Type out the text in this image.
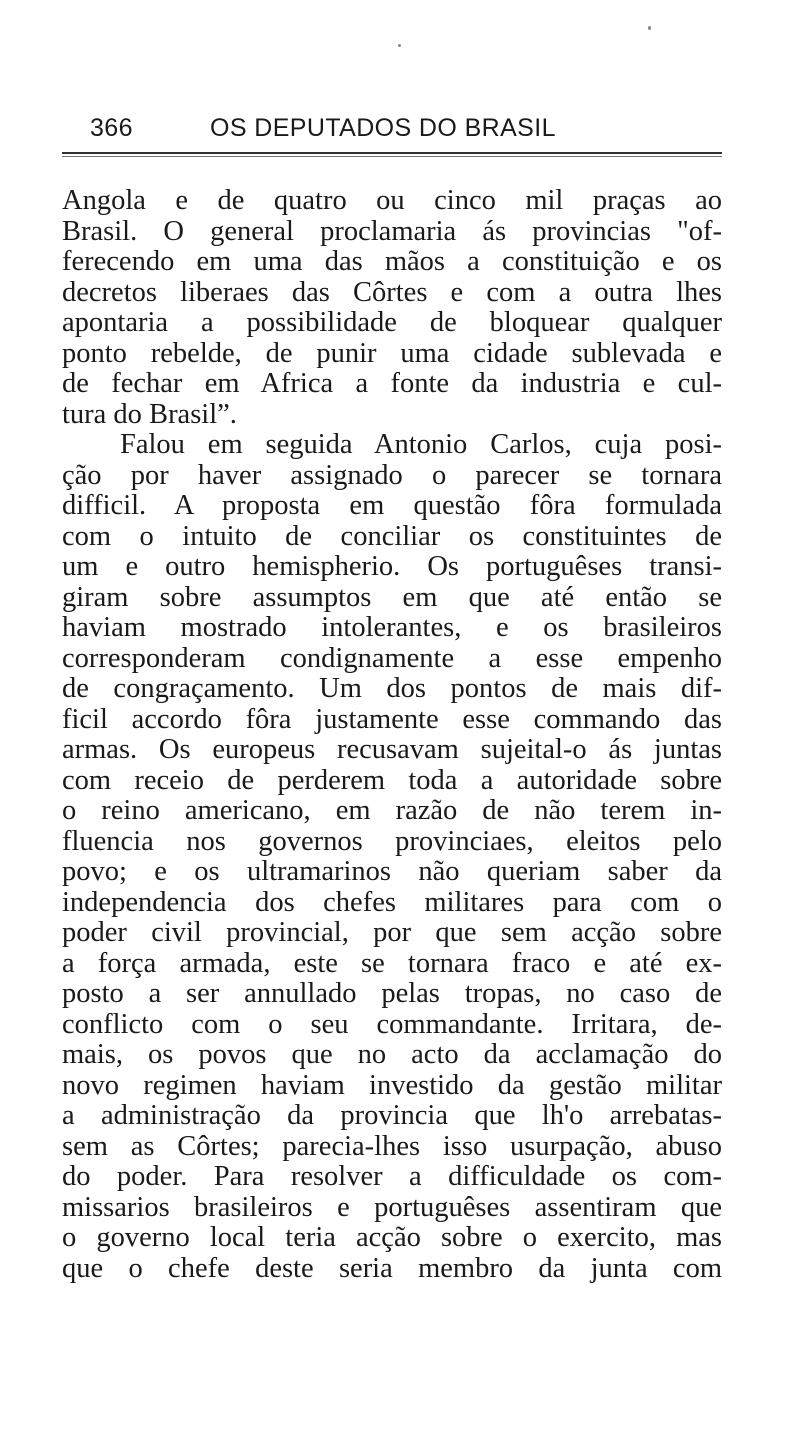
366	OS DEPUTADOS DO BRASIL
Angola e de quatro ou cinco mil praças ao
Brasil. O general proclamaria ás provincias "of-
ferecendo em uma das mãos a constituição e os
decretos liberaes das Côrtes e com a outra lhes
apontaria a possibilidade de bloquear qualquer
ponto rebelde, de punir uma cidade sublevada e
de fechar em Africa a fonte da industria e cul-
tura do Brasil”.
Falou em seguida Antonio Carlos, cuja posi-
ção por haver assignado o parecer se tornara
difficil. A proposta em questão fôra formulada
com o intuito de conciliar os constituintes de
um e outro hemispherio. Os portuguêses transi-
giram sobre assumptos em que até então se
haviam mostrado intolerantes, e os brasileiros
corresponderam condignamente a esse empenho
de congraçamento. Um dos pontos de mais dif-
ficil accordo fôra justamente esse commando das
armas. Os europeus recusavam sujeital-o ás juntas
com receio de perderem toda a autoridade sobre
o reino americano, em razão de não terem in-
fluencia nos governos provinciaes, eleitos pelo
povo; e os ultramarinos não queriam saber da
independencia dos chefes militares para com o
poder civil provincial, por que sem acção sobre
a força armada, este se tornara fraco e até ex-
posto a ser annullado pelas tropas, no caso de
conflicto com o seu commandante. Irritara, de-
mais, os povos que no acto da acclamação do
novo regimen haviam investido da gestão militar
a administração da provincia que lh'o arrebatas-
sem as Côrtes; parecia-lhes isso usurpação, abuso
do poder. Para resolver a difficuldade os com-
missarios brasileiros e portuguêses assentiram que
o governo local teria acção sobre o exercito, mas
que o chefe deste seria membro da junta com
